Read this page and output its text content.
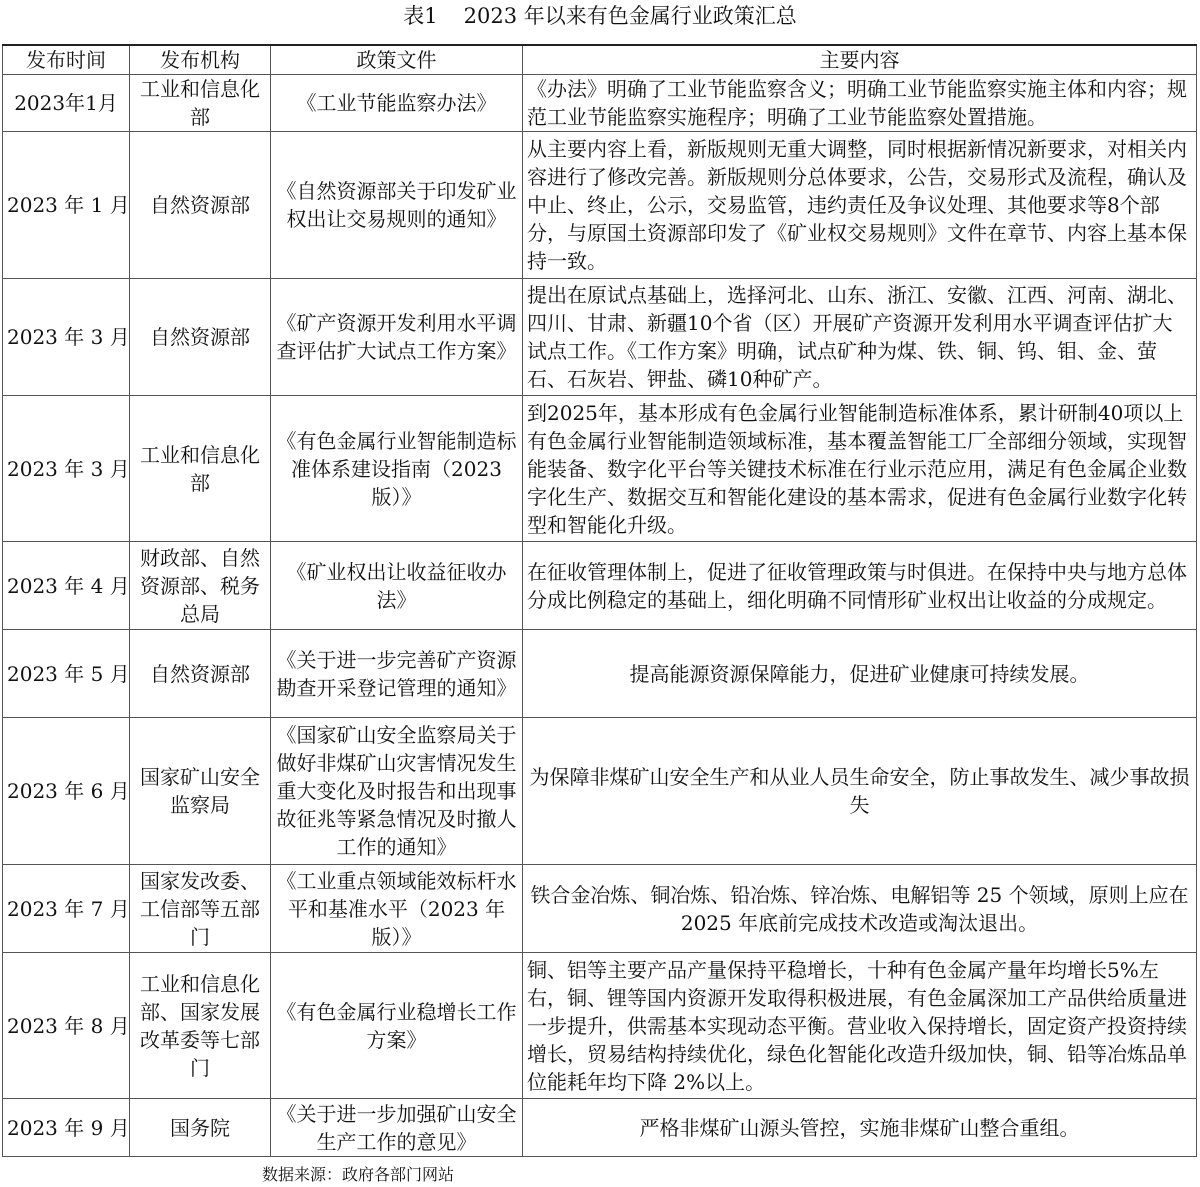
表1 2023 年以来有色金属行业政策汇总
发布时间	发布机构	政策文件	主要内容
2023年1月	工业和信息化部	《工业节能监察办法》	《办法》明确了工业节能监察含义；明确工业节能监察实施主体和内容；规范工业节能监察实施程序；明确了工业节能监察处置措施。
2023 年 1 月	自然资源部	《自然资源部关于印发矿业权出让交易规则的通知》	从主要内容上看，新版规则无重大调整，同时根据新情况新要求，对相关内容进行了修改完善。新版规则分总体要求，公告，交易形式及流程，确认及中止、终止，公示，交易监管，违约责任及争议处理、其他要求等8个部分，与原国土资源部印发了《矿业权交易规则》文件在章节、内容上基本保持一致。
2023 年 3 月	自然资源部	《矿产资源开发利用水平调查评估扩大试点工作方案》	提出在原试点基础上，选择河北、山东、浙江、安徽、江西、河南、湖北、四川、甘肃、新疆10个省（区）开展矿产资源开发利用水平调查评估扩大试点工作。《工作方案》明确，试点矿种为煤、铁、铜、钨、钼、金、萤石、石灰岩、钾盐、磷10种矿产。
2023 年 3 月	工业和信息化部	《有色金属行业智能制造标准体系建设指南（2023版）》	到2025年，基本形成有色金属行业智能制造标准体系，累计研制40项以上有色金属行业智能制造领域标准，基本覆盖智能工厂全部细分领域，实现智能装备、数字化平台等关键技术标准在行业示范应用，满足有色金属企业数字化生产、数据交互和智能化建设的基本需求，促进有色金属行业数字化转型和智能化升级。
2023 年 4 月	财政部、自然资源部、税务总局	《矿业权出让收益征收办法》	在征收管理体制上，促进了征收管理政策与时俱进。在保持中央与地方总体分成比例稳定的基础上，细化明确不同情形矿业权出让收益的分成规定。
2023 年 5 月	自然资源部	《关于进一步完善矿产资源勘查开采登记管理的通知》	提高能源资源保障能力，促进矿业健康可持续发展。
2023 年 6 月	国家矿山安全监察局	《国家矿山安全监察局关于做好非煤矿山灾害情况发生重大变化及时报告和出现事故征兆等紧急情况及时撤人工作的通知》	为保障非煤矿山安全生产和从业人员生命安全，防止事故发生、减少事故损失
2023 年 7 月	国家发改委、工信部等五部门	《工业重点领域能效标杆水平和基准水平（2023 年版）》	铁合金冶炼、铜冶炼、铅冶炼、锌冶炼、电解铝等 25 个领域，原则上应在 2025 年底前完成技术改造或淘汰退出。
2023 年 8 月	工业和信息化部、国家发展改革委等七部门	《有色金属行业稳增长工作方案》	铜、铝等主要产品产量保持平稳增长，十种有色金属产量年均增长5%左右，铜、锂等国内资源开发取得积极进展，有色金属深加工产品供给质量进一步提升，供需基本实现动态平衡。营业收入保持增长，固定资产投资持续增长，贸易结构持续优化，绿色化智能化改造升级加快，铜、铅等冶炼品单位能耗年均下降 2%以上。
2023 年 9 月	国务院	《关于进一步加强矿山安全生产工作的意见》	严格非煤矿山源头管控，实施非煤矿山整合重组。
数据来源：政府各部门网站
